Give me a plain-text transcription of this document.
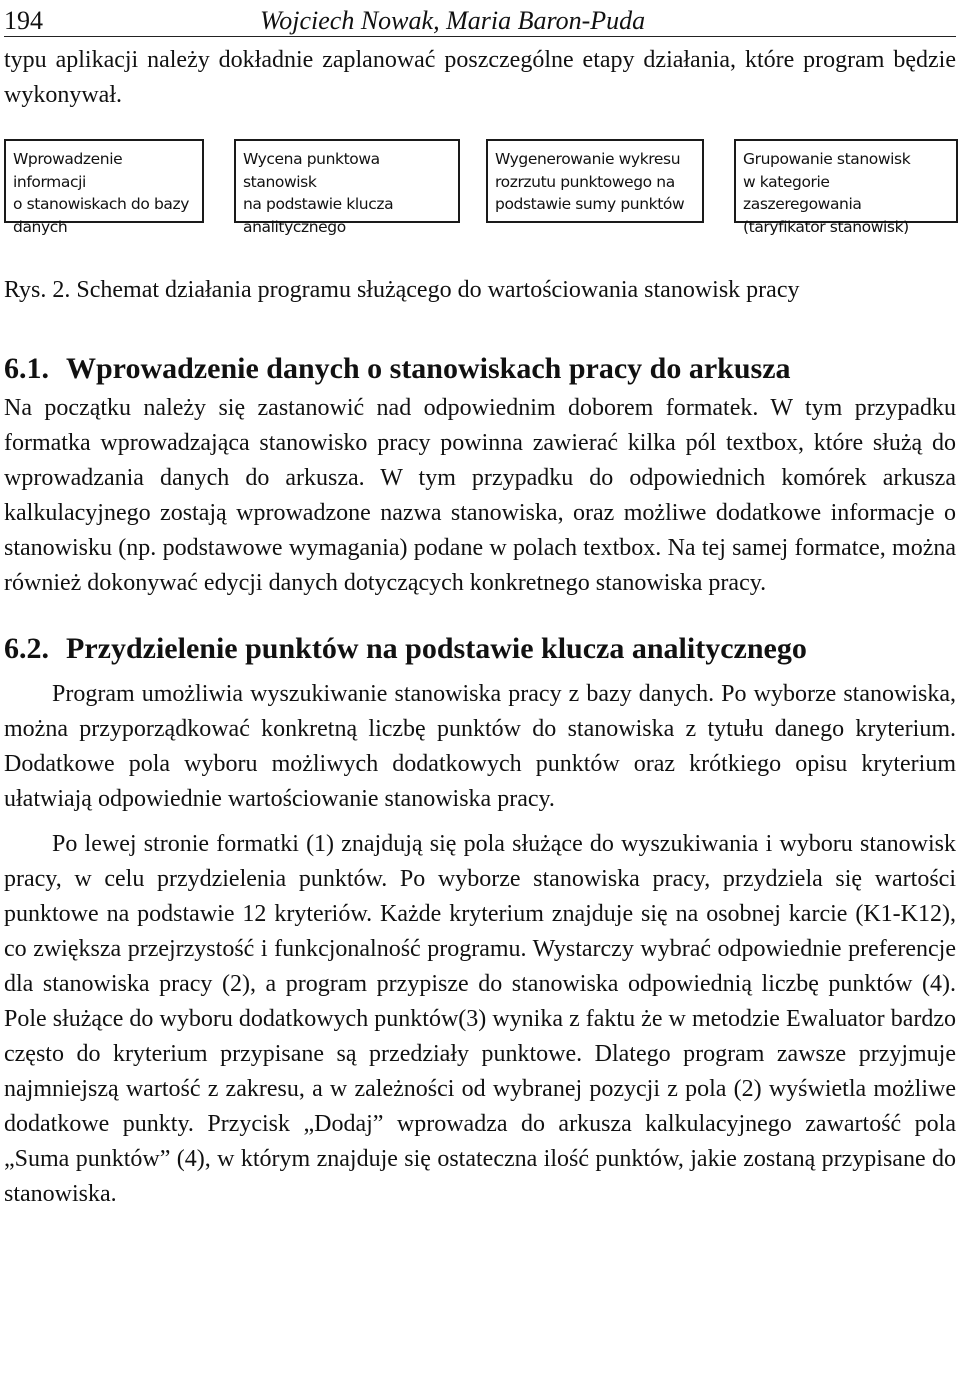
194	Wojciech Nowak, Maria Baron-Puda

typu aplikacji należy dokładnie zaplanować poszczególne etapy działania, które program będzie wykonywał.

Wprowadzenie informacji
o stanowiskach do bazy
danych
Wycena punktowa stanowisk
na podstawie klucza
analitycznego
Wygenerowanie wykresu
rozrzutu punktowego na
podstawie sumy punktów
Grupowanie stanowisk
w kategorie zaszeregowania
(taryfikator stanowisk)
Rys. 2. Schemat działania programu służącego do wartościowania stanowisk pracy
6.1. Wprowadzenie danych o stanowiskach pracy do arkusza

Na początku należy się zastanowić nad odpowiednim doborem formatek. W tym przypadku formatka wprowadzająca stanowisko pracy powinna zawierać kilka pól textbox, które służą do wprowadzania danych do arkusza. W tym przypadku do odpowiednich komórek arkusza kalkulacyjnego zostają wprowadzone nazwa stanowiska, oraz możliwe dodatkowe informacje o stanowisku (np. podstawowe wymagania) podane w polach textbox. Na tej samej formatce, można również dokonywać edycji danych dotyczących konkretnego stanowiska pracy.

6.2. Przydzielenie punktów na podstawie klucza analitycznego

Program umożliwia wyszukiwanie stanowiska pracy z bazy danych. Po wyborze stanowiska, można przyporządkować konkretną liczbę punktów do stanowiska z tytułu danego kryterium. Dodatkowe pola wyboru możliwych dodatkowych punktów oraz krótkiego opisu kryterium ułatwiają odpowiednie wartościowanie stanowiska pracy.

Po lewej stronie formatki (1) znajdują się pola służące do wyszukiwania i wyboru stanowisk pracy, w celu przydzielenia punktów. Po wyborze stanowiska pracy, przydziela się wartości punktowe na podstawie 12 kryteriów. Każde kryterium znajduje się na osobnej karcie (K1-K12), co zwiększa przejrzystość i funkcjonalność programu. Wystarczy wybrać odpowiednie preferencje dla stanowiska pracy (2), a program przypisze do stanowiska odpowiednią liczbę punktów (4). Pole służące do wyboru dodatkowych punktów(3) wynika z faktu że w metodzie Ewaluator bardzo często do kryterium przypisane są przedziały punktowe. Dlatego program zawsze przyjmuje najmniejszą wartość z zakresu, a w zależności od wybranej pozycji z pola (2) wyświetla możliwe dodatkowe punkty. Przycisk „Dodaj” wprowadza do arkusza kalkulacyjnego zawartość pola „Suma punktów” (4), w którym znajduje się ostateczna ilość punktów, jakie zostaną przypisane do stanowiska.
